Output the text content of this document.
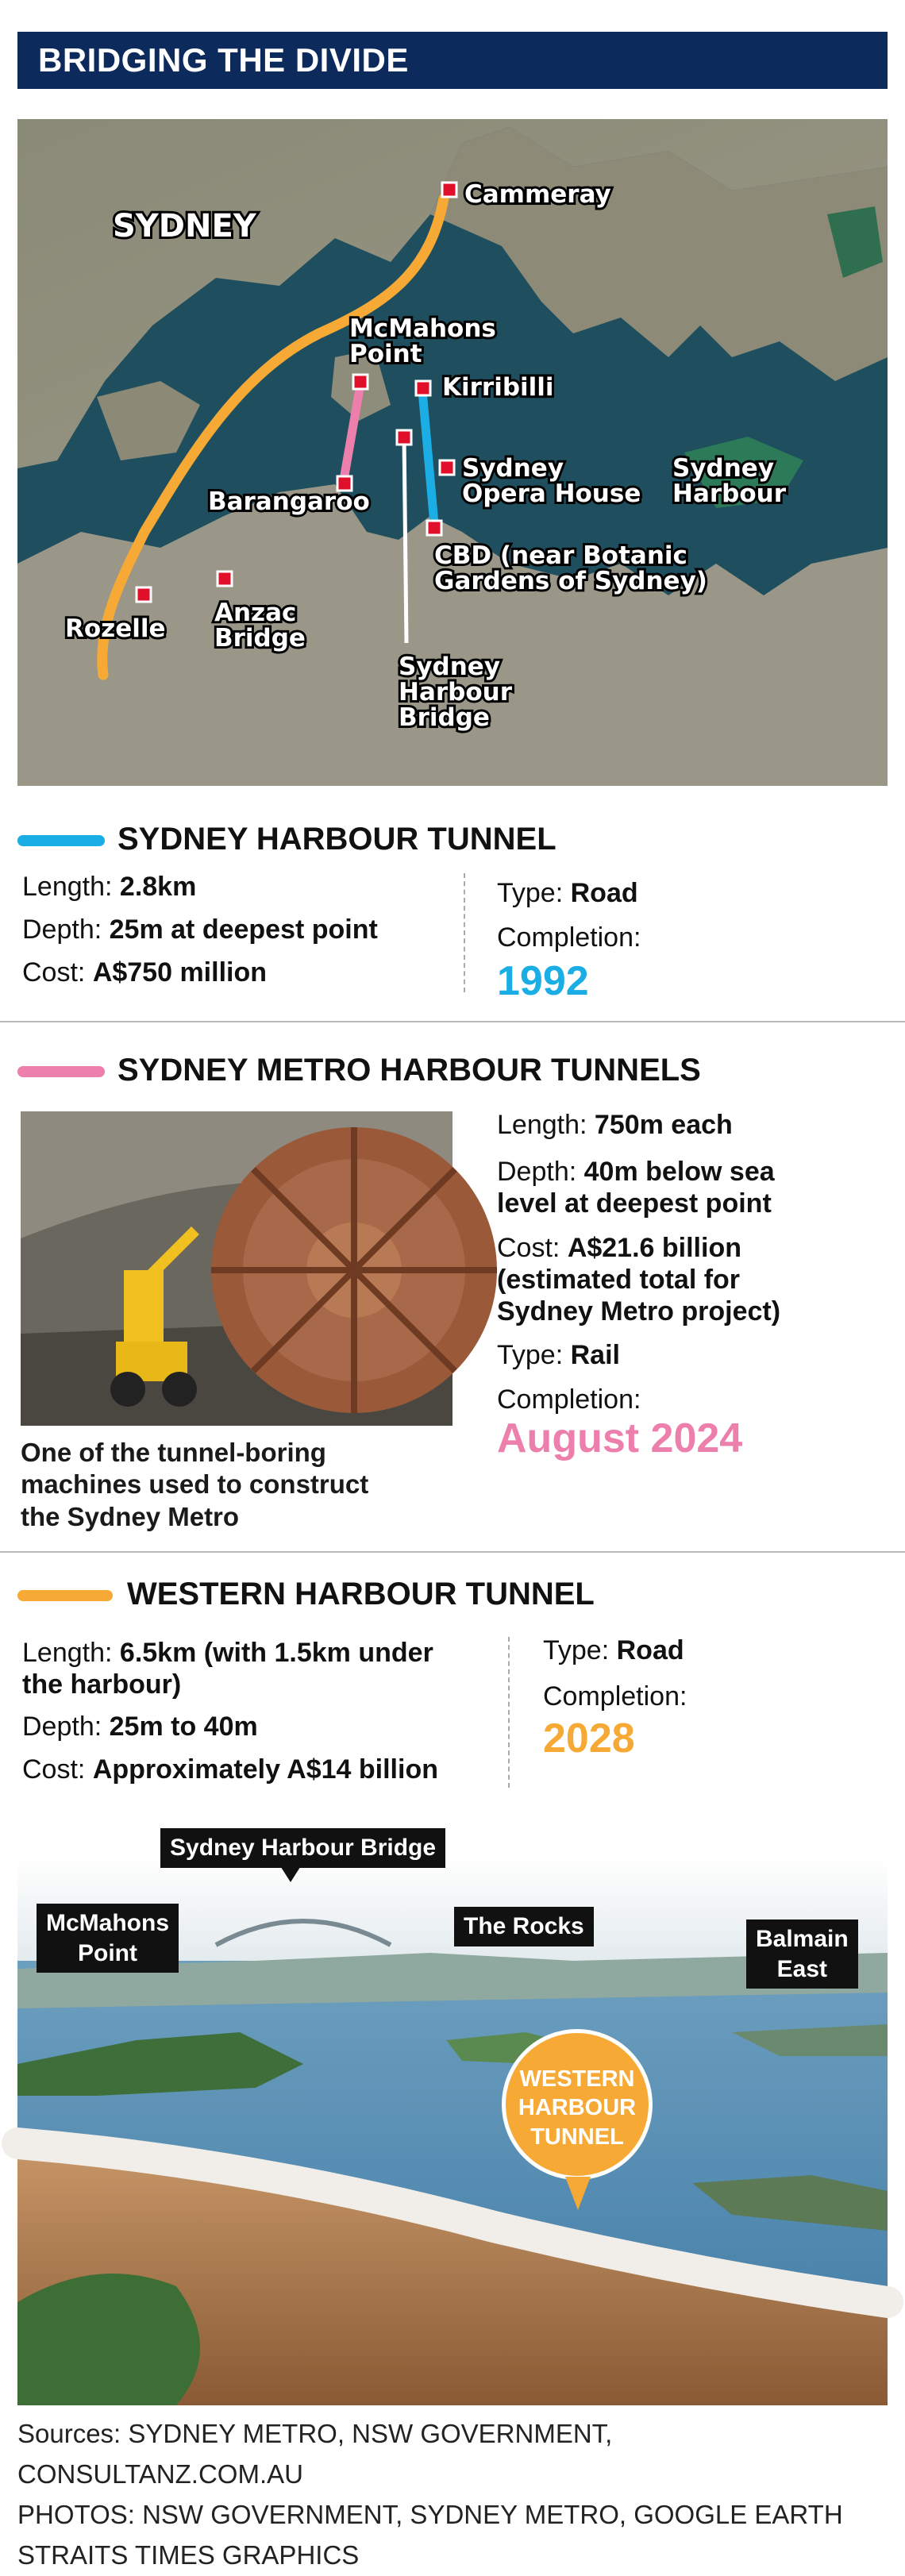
BRIDGING THE DIVIDE
SYDNEY
Cammeray
McMahons
Point
Kirribilli
Sydney
Opera House
Sydney
Harbour
Barangaroo
CBD (near Botanic
Gardens of Sydney)
Rozelle
Anzac
Bridge
Sydney
Harbour
Bridge
SYDNEY HARBOUR TUNNEL
Length: 2.8km
Depth: 25m at deepest point
Cost: A$750 million
Type: Road
Completion:
1992
SYDNEY METRO HARBOUR TUNNELS
One of the tunnel-boring
machines used to construct
the Sydney Metro
Length: 750m each
Depth: 40m below sea
level at deepest point
Cost: A$21.6 billion
(estimated total for
Sydney Metro project)
Type: Rail
Completion:
August 2024
WESTERN HARBOUR TUNNEL
Length: 6.5km (with 1.5km under
the harbour)
Depth: 25m to 40m
Cost: Approximately A$14 billion
Type: Road
Completion:
2028
Sydney Harbour Bridge
McMahons
Point
The Rocks	Balmain
East
WESTERN
HARBOUR
TUNNEL
Sources: SYDNEY METRO, NSW GOVERNMENT, CONSULTANZ.COM.AU
PHOTOS: NSW GOVERNMENT, SYDNEY METRO, GOOGLE EARTH
STRAITS TIMES GRAPHICS
